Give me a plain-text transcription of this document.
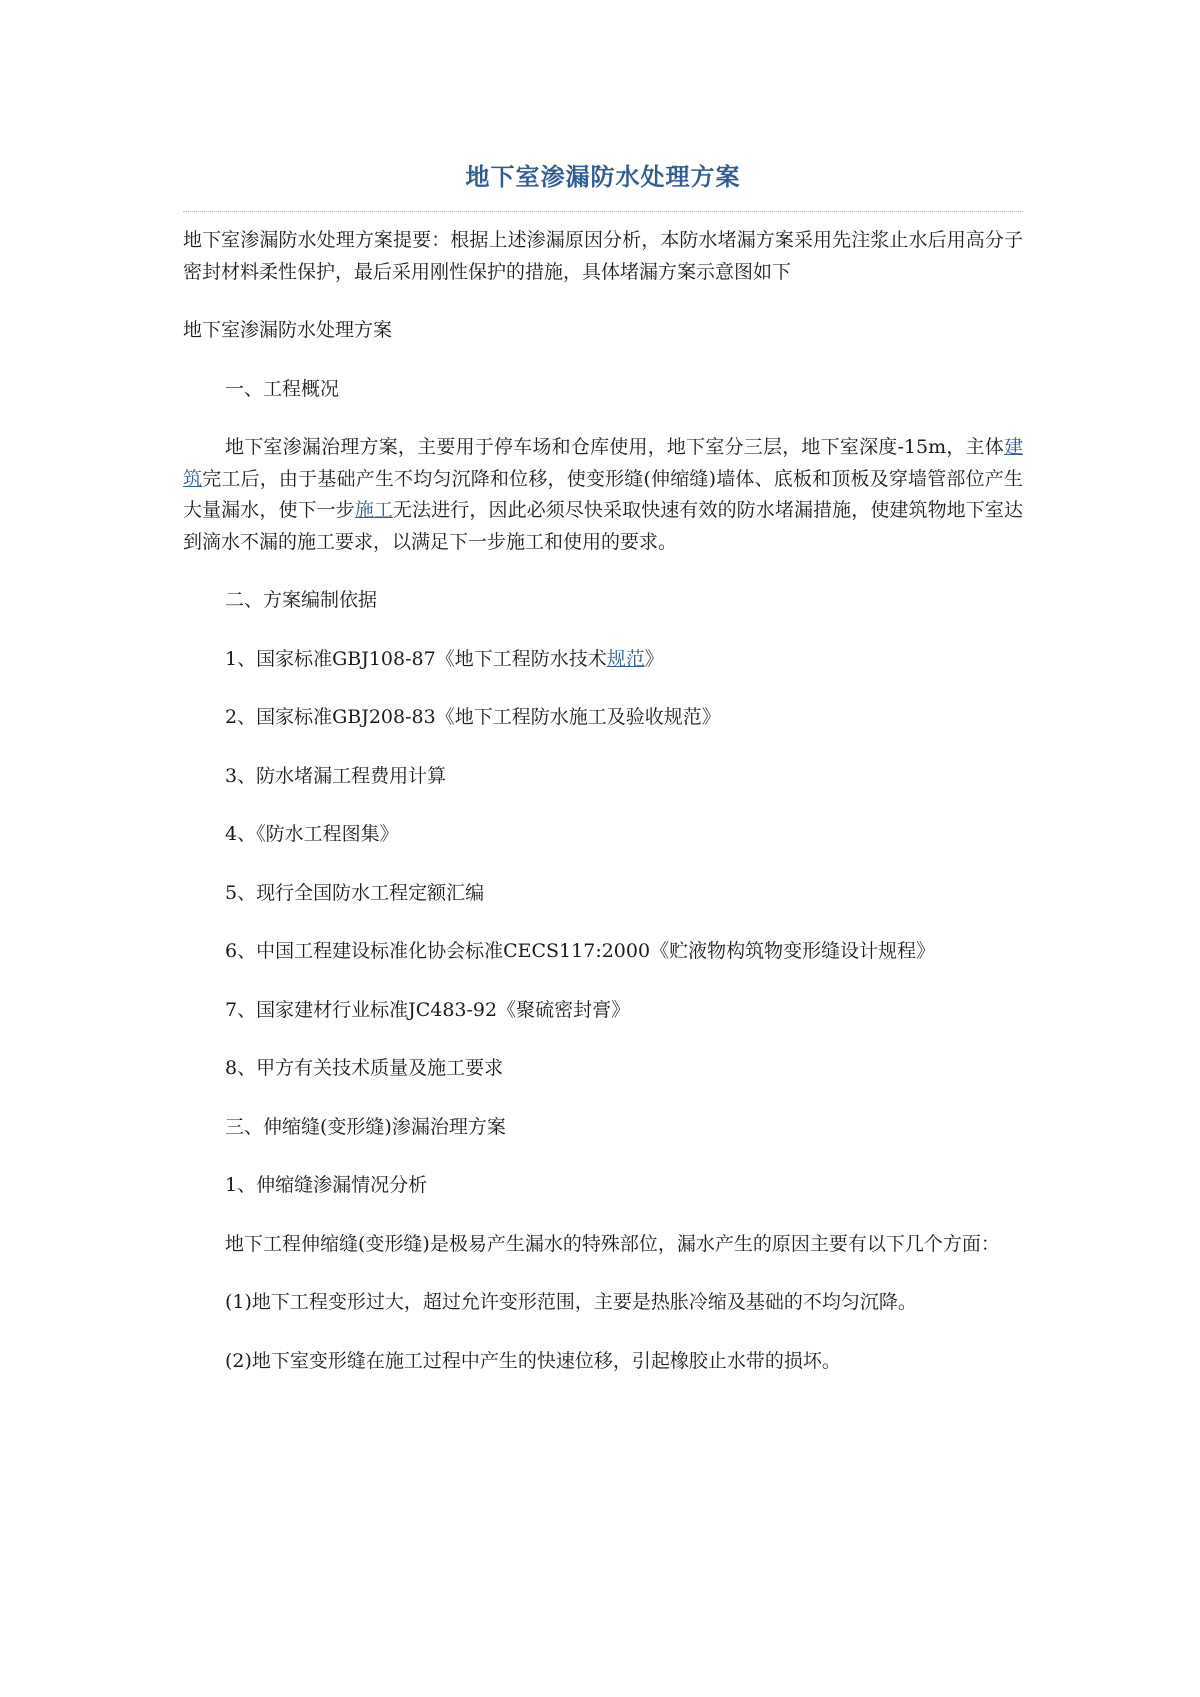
地下室渗漏防水处理方案

地下室渗漏防水处理方案提要：根据上述渗漏原因分析，本防水堵漏方案采用先注浆止水后用高分子密封材料柔性保护，最后采用刚性保护的措施，具体堵漏方案示意图如下

地下室渗漏防水处理方案

一、工程概况

地下室渗漏治理方案，主要用于停车场和仓库使用，地下室分三层，地下室深度-15m，主体建筑完工后，由于基础产生不均匀沉降和位移，使变形缝(伸缩缝)墙体、底板和顶板及穿墙管部位产生大量漏水，使下一步施工无法进行，因此必须尽快采取快速有效的防水堵漏措施，使建筑物地下室达到滴水不漏的施工要求，以满足下一步施工和使用的要求。

二、方案编制依据

1、国家标准GBJ108-87《地下工程防水技术规范》

2、国家标准GBJ208-83《地下工程防水施工及验收规范》

3、防水堵漏工程费用计算

4、《防水工程图集》

5、现行全国防水工程定额汇编

6、中国工程建设标准化协会标准CECS117:2000《贮液物构筑物变形缝设计规程》

7、国家建材行业标准JC483-92《聚硫密封膏》

8、甲方有关技术质量及施工要求

三、伸缩缝(变形缝)渗漏治理方案

1、伸缩缝渗漏情况分析

地下工程伸缩缝(变形缝)是极易产生漏水的特殊部位，漏水产生的原因主要有以下几个方面：

(1)地下工程变形过大，超过允许变形范围，主要是热胀冷缩及基础的不均匀沉降。

(2)地下室变形缝在施工过程中产生的快速位移，引起橡胶止水带的损坏。
